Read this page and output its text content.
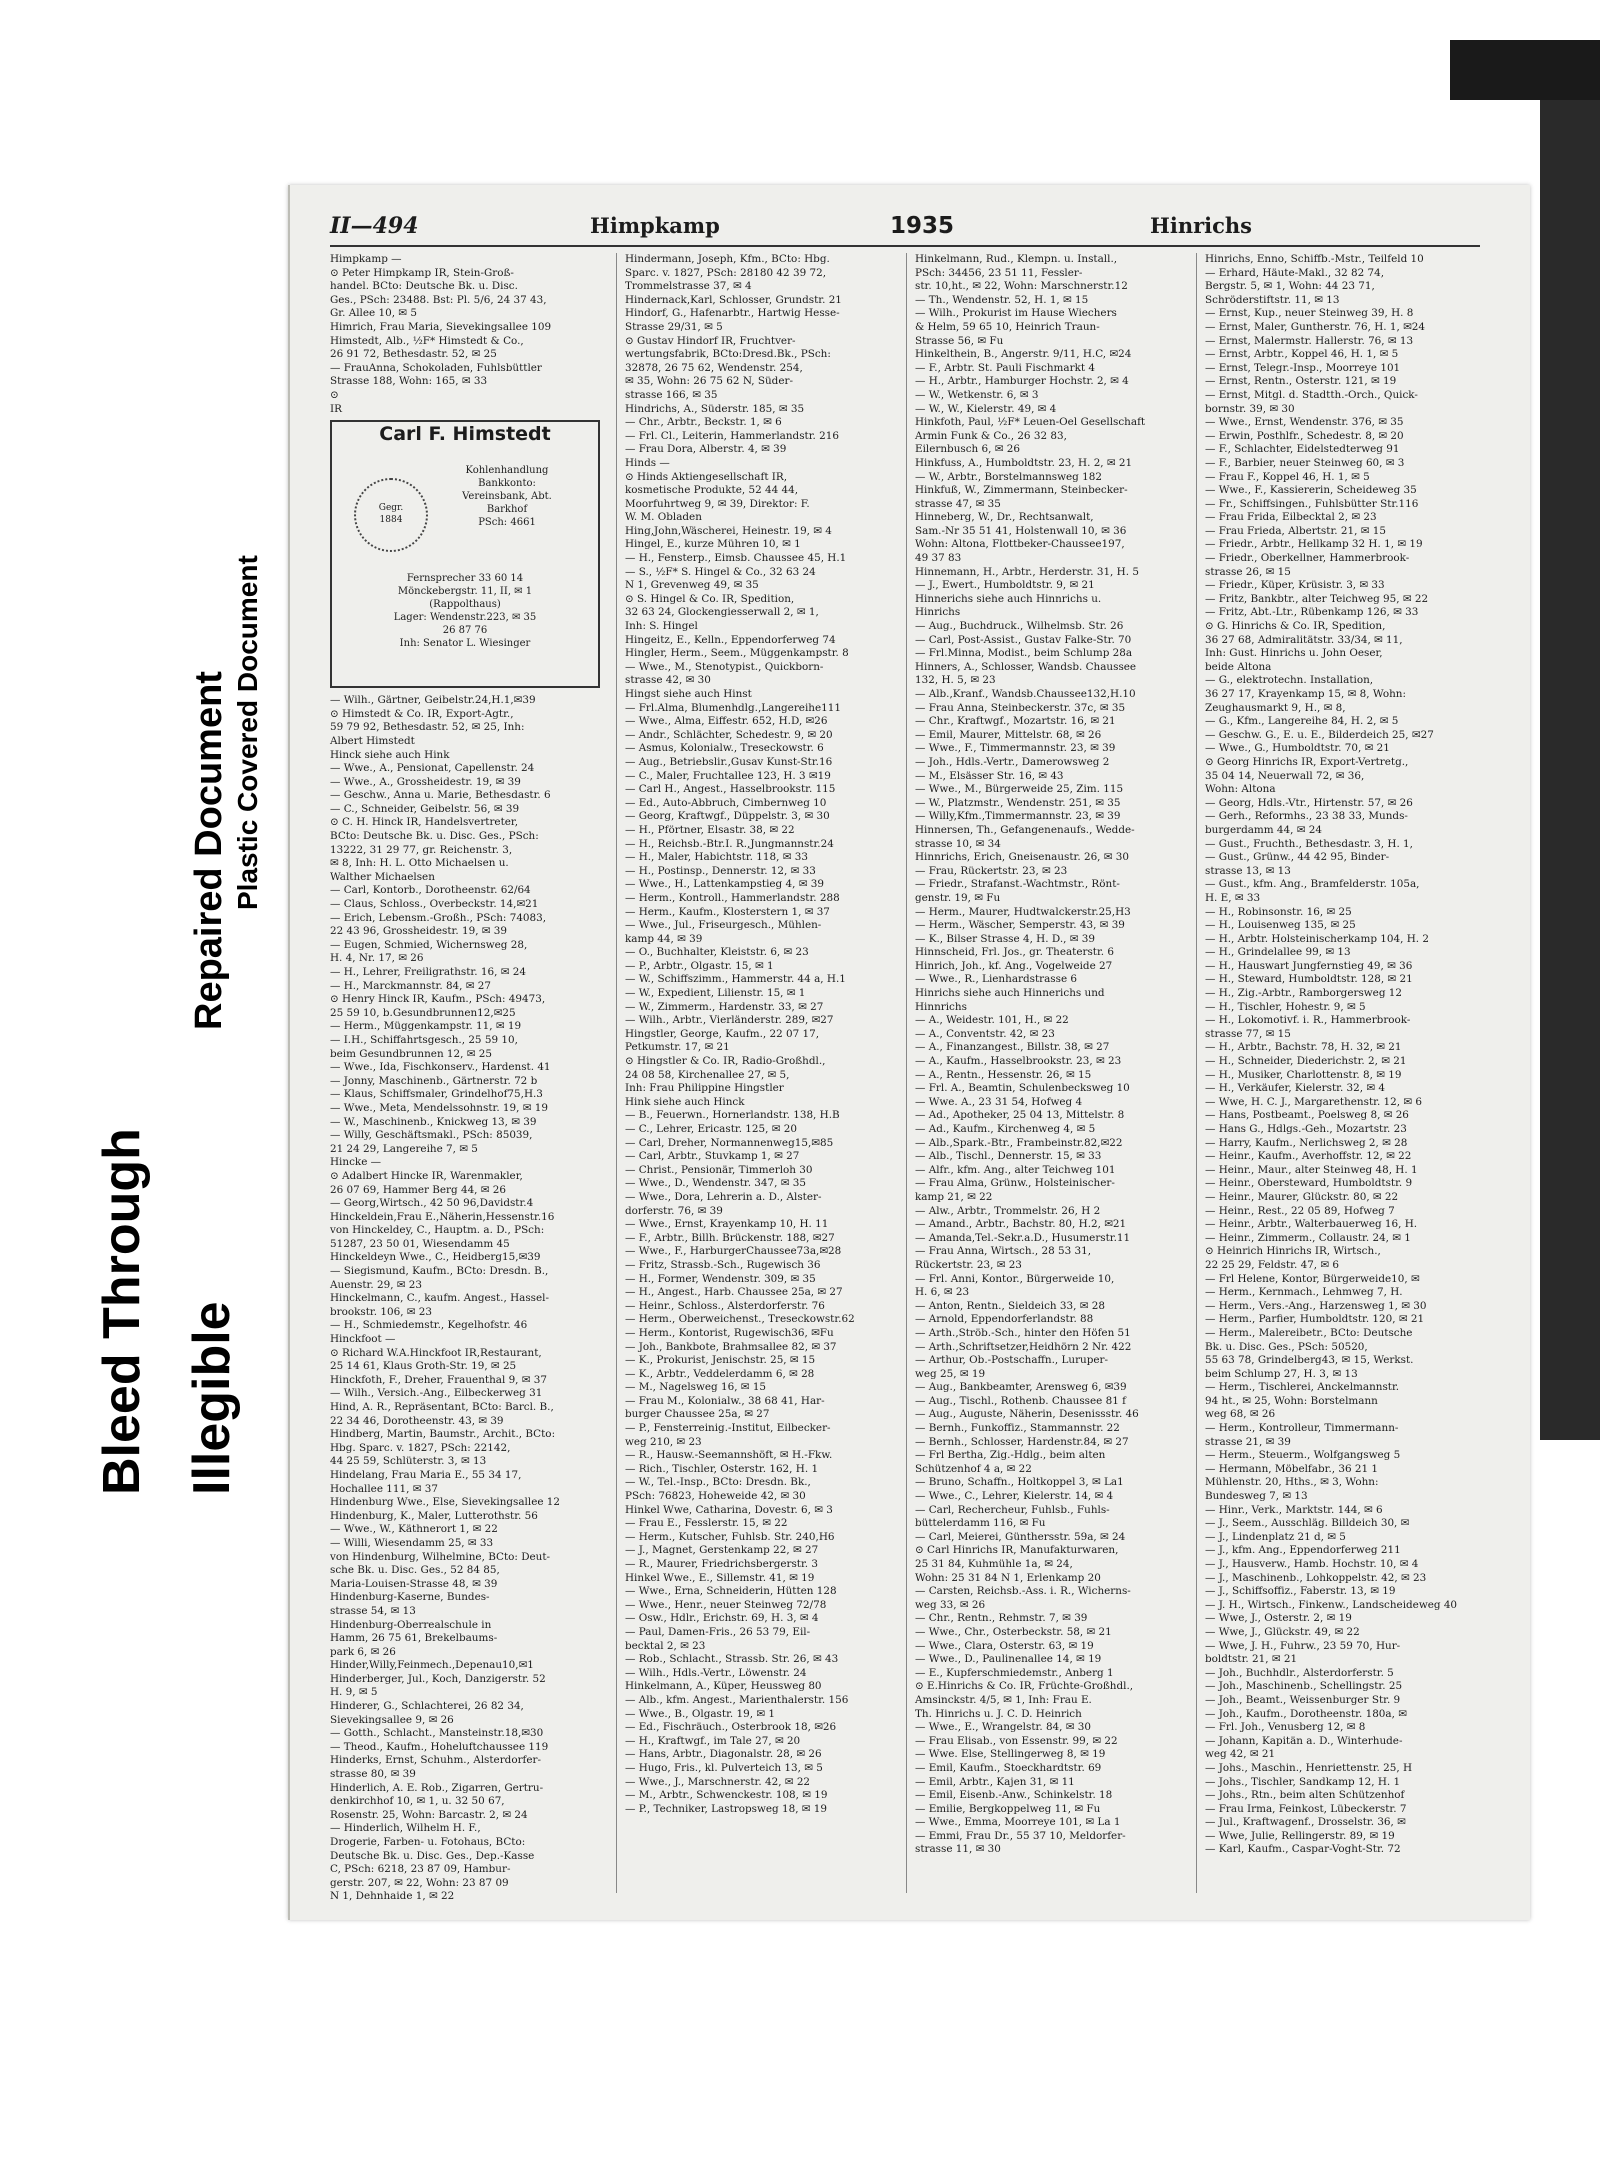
Bleed Through
Repaired Document
Illegible
Plastic Covered Document
II—494	Himpkamp	1935	Hinrichs
Himpkamp —
⊙ Peter Himpkamp IR, Stein-Groß-
handel. BCto: Deutsche Bk. u. Disc.
Ges., PSch: 23488. Bst: Pl. 5/6, 24 37 43,
Gr. Allee 10, ✉ 5
Himrich, Frau Maria, Sievekingsallee 109
Himstedt, Alb., ½F* Himstedt & Co.,
26 91 72, Bethesdastr. 52, ✉ 25
— FrauAnna, Schokoladen, Fuhlsbüttler
Strasse 188, Wohn: 165, ✉ 33
⊙
IR
Carl F. Himstedt
Gegr.
1884
Kohlenhandlung
Bankkonto:
Vereinsbank, Abt.
Barkhof
PSch: 4661
Fernsprecher 33 60 14
Mönckebergstr. 11, II, ✉ 1
(Rappolthaus)
Lager: Wendenstr.223, ✉ 35
26 87 76
Inh: Senator L. Wiesinger
— Wilh., Gärtner, Geibelstr.24,H.1,✉39
⊙ Himstedt & Co. IR, Export-Agtr.,
59 79 92, Bethesdastr. 52, ✉ 25, Inh:
Albert Himstedt
Hinck siehe auch Hink
— Wwe., A., Pensionat, Capellenstr. 24
— Wwe., A., Grossheidestr. 19, ✉ 39
— Geschw., Anna u. Marie, Bethesdastr. 6
— C., Schneider, Geibelstr. 56, ✉ 39
⊙ C. H. Hinck IR, Handelsvertreter,
BCto: Deutsche Bk. u. Disc. Ges., PSch:
13222, 31 29 77, gr. Reichenstr. 3,
✉ 8, Inh: H. L. Otto Michaelsen u.
Walther Michaelsen
— Carl, Kontorb., Dorotheenstr. 62/64
— Claus, Schloss., Overbeckstr. 14,✉21
— Erich, Lebensm.-Großh., PSch: 74083,
22 43 96, Grossheidestr. 19, ✉ 39
— Eugen, Schmied, Wichernsweg 28,
H. 4, Nr. 17, ✉ 26
— H., Lehrer, Freiligrathstr. 16, ✉ 24
— H., Marckmannstr. 84, ✉ 27
⊙ Henry Hinck IR, Kaufm., PSch: 49473,
25 59 10, b.Gesundbrunnen12,✉25
— Herm., Müggenkampstr. 11, ✉ 19
— I.H., Schiffahrtsgesch., 25 59 10,
beim Gesundbrunnen 12, ✉ 25
— Wwe., Ida, Fischkonserv., Hardenst. 41
— Jonny, Maschinenb., Gärtnerstr. 72 b
— Klaus, Schiffsmaler, Grindelhof75,H.3
— Wwe., Meta, Mendelssohnstr. 19, ✉ 19
— W., Maschinenb., Knickweg 13, ✉ 39
— Willy, Geschäftsmakl., PSch: 85039,
21 24 29, Langereihe 7, ✉ 5
Hincke —
⊙ Adalbert Hincke IR, Warenmakler,
26 07 69, Hammer Berg 44, ✉ 26
— Georg,Wirtsch., 42 50 96,Davidstr.4
Hinckeldein,Frau E.,Näherin,Hessenstr.16
von Hinckeldey, C., Hauptm. a. D., PSch:
51287, 23 50 01, Wiesendamm 45
Hinckeldeyn Wwe., C., Heidberg15,✉39
— Siegismund, Kaufm., BCto: Dresdn. B.,
Auenstr. 29, ✉ 23
Hinckelmann, C., kaufm. Angest., Hassel-
brookstr. 106, ✉ 23
— H., Schmiedemstr., Kegelhofstr. 46
Hinckfoot —
⊙ Richard W.A.Hinckfoot IR,Restaurant,
25 14 61, Klaus Groth-Str. 19, ✉ 25
Hinckfoth, F., Dreher, Frauenthal 9, ✉ 37
— Wilh., Versich.-Ang., Eilbeckerweg 31
Hind, A. R., Repräsentant, BCto: Barcl. B.,
22 34 46, Dorotheenstr. 43, ✉ 39
Hindberg, Martin, Baumstr., Archit., BCto:
Hbg. Sparc. v. 1827, PSch: 22142,
44 25 59, Schlüterstr. 3, ✉ 13
Hindelang, Frau Maria E., 55 34 17,
Hochallee 111, ✉ 37
Hindenburg Wwe., Else, Sievekingsallee 12
Hindenburg, K., Maler, Lutterothstr. 56
— Wwe., W., Käthnerort 1, ✉ 22
— Willi, Wiesendamm 25, ✉ 33
von Hindenburg, Wilhelmine, BCto: Deut-
sche Bk. u. Disc. Ges., 52 84 85,
Maria-Louisen-Strasse 48, ✉ 39
Hindenburg-Kaserne, Bundes-
strasse 54, ✉ 13
Hindenburg-Oberrealschule in
Hamm, 26 75 61, Brekelbaums-
park 6, ✉ 26
Hinder,Willy,Feinmech.,Depenau10,✉1
Hinderberger, Jul., Koch, Danzigerstr. 52
H. 9, ✉ 5
Hinderer, G., Schlachterei, 26 82 34,
Sievekingsallee 9, ✉ 26
— Gotth., Schlacht., Mansteinstr.18,✉30
— Theod., Kaufm., Hoheluftchaussee 119
Hinderks, Ernst, Schuhm., Alsterdorfer-
strasse 80, ✉ 39
Hinderlich, A. E. Rob., Zigarren, Gertru-
denkirchhof 10, ✉ 1, u. 32 50 67,
Rosenstr. 25, Wohn: Barcastr. 2, ✉ 24
— Hinderlich, Wilhelm H. F.,
Drogerie, Farben- u. Fotohaus, BCto:
Deutsche Bk. u. Disc. Ges., Dep.-Kasse
C, PSch: 6218, 23 87 09, Hambur-
gerstr. 207, ✉ 22, Wohn: 23 87 09
N 1, Dehnhaide 1, ✉ 22
Hindermann, Joseph, Kfm., BCto: Hbg.
Sparc. v. 1827, PSch: 28180 42 39 72,
Trommelstrasse 37, ✉ 4
Hindernack,Karl, Schlosser, Grundstr. 21
Hindorf, G., Hafenarbtr., Hartwig Hesse-
Strasse 29/31, ✉ 5
⊙ Gustav Hindorf IR, Fruchtver-
wertungsfabrik, BCto:Dresd.Bk., PSch:
32878, 26 75 62, Wendenstr. 254,
✉ 35, Wohn: 26 75 62 N, Süder-
strasse 166, ✉ 35
Hindrichs, A., Süderstr. 185, ✉ 35
— Chr., Arbtr., Beckstr. 1, ✉ 6
— Frl. Cl., Leiterin, Hammerlandstr. 216
— Frau Dora, Alberstr. 4, ✉ 39
Hinds —
⊙ Hinds Aktiengesellschaft IR,
kosmetische Produkte, 52 44 44,
Moorfuhrtweg 9, ✉ 39, Direktor: F.
W. M. Obladen
Hing,John,Wäscherei, Heinestr. 19, ✉ 4
Hingel, E., kurze Mühren 10, ✉ 1
— H., Fensterp., Eimsb. Chaussee 45, H.1
— S., ½F* S. Hingel & Co., 32 63 24
N 1, Grevenweg 49, ✉ 35
⊙ S. Hingel & Co. IR, Spedition,
32 63 24, Glockengiesserwall 2, ✉ 1,
Inh: S. Hingel
Hingeitz, E., Kelln., Eppendorferweg 74
Hingler, Herm., Seem., Müggenkampstr. 8
— Wwe., M., Stenotypist., Quickborn-
strasse 42, ✉ 30
Hingst siehe auch Hinst
— Frl.Alma, Blumenhdlg.,Langereihe111
— Wwe., Alma, Eiffestr. 652, H.D, ✉26
— Andr., Schlächter, Schedestr. 9, ✉ 20
— Asmus, Kolonialw., Treseckowstr. 6
— Aug., Betriebslir.,Gusav Kunst-Str.16
— C., Maler, Fruchtallee 123, H. 3 ✉19
— Carl H., Angest., Hasselbrookstr. 115
— Ed., Auto-Abbruch, Cimbernweg 10
— Georg, Kraftwgf., Düppelstr. 3, ✉ 30
— H., Pförtner, Elsastr. 38, ✉ 22
— H., Reichsb.-Btr.I. R.,Jungmannstr.24
— H., Maler, Habichtstr. 118, ✉ 33
— H., Postinsp., Dennerstr. 12, ✉ 33
— Wwe., H., Lattenkampstieg 4, ✉ 39
— Herm., Kontroll., Hammerlandstr. 288
— Herm., Kaufm., Klosterstern 1, ✉ 37
— Wwe., Jul., Friseurgesch., Mühlen-
kamp 44, ✉ 39
— O., Buchhalter, Kleiststr. 6, ✉ 23
— P., Arbtr., Olgastr. 15, ✉ 1
— W., Schiffszimm., Hammerstr. 44 a, H.1
— W., Expedient, Lilienstr. 15, ✉ 1
— W., Zimmerm., Hardenstr. 33, ✉ 27
— Wilh., Arbtr., Vierländerstr. 289, ✉27
Hingstler, George, Kaufm., 22 07 17,
Petkumstr. 17, ✉ 21
⊙ Hingstler & Co. IR, Radio-Großhdl.,
24 08 58, Kirchenallee 27, ✉ 5,
Inh: Frau Philippine Hingstler
Hink siehe auch Hinck
— B., Feuerwn., Hornerlandstr. 138, H.B
— C., Lehrer, Ericastr. 125, ✉ 20
— Carl, Dreher, Normannenweg15,✉85
— Carl, Arbtr., Stuvkamp 1, ✉ 27
— Christ., Pensionär, Timmerloh 30
— Wwe., D., Wendenstr. 347, ✉ 35
— Wwe., Dora, Lehrerin a. D., Alster-
dorferstr. 76, ✉ 39
— Wwe., Ernst, Krayenkamp 10, H. 11
— F., Arbtr., Billh. Brückenstr. 188, ✉27
— Wwe., F., HarburgerChaussee73a,✉28
— Fritz, Strassb.-Sch., Rugewisch 36
— H., Former, Wendenstr. 309, ✉ 35
— H., Angest., Harb. Chaussee 25a, ✉ 27
— Heinr., Schloss., Alsterdorferstr. 76
— Herm., Oberweichenst., Treseckowstr.62
— Herm., Kontorist, Rugewisch36, ✉Fu
— Joh., Bankbote, Brahmsallee 82, ✉ 37
— K., Prokurist, Jenischstr. 25, ✉ 15
— K., Arbtr., Veddelerdamm 6, ✉ 28
— M., Nagelsweg 16, ✉ 15
— Frau M., Kolonialw., 38 68 41, Har-
burger Chaussee 25a, ✉ 27
— P., Fensterreinig.-Institut, Eilbecker-
weg 210, ✉ 23
— R., Hausw.-Seemannshöft, ✉ H.-Fkw.
— Rich., Tischler, Osterstr. 162, H. 1
— W., Tel.-Insp., BCto: Dresdn. Bk.,
PSch: 76823, Hoheweide 42, ✉ 30
Hinkel Wwe, Catharina, Dovestr. 6, ✉ 3
— Frau E., Fesslerstr. 15, ✉ 22
— Herm., Kutscher, Fuhlsb. Str. 240,H6
— J., Magnet, Gerstenkamp 22, ✉ 27
— R., Maurer, Friedrichsbergerstr. 3
Hinkel Wwe., E., Sillemstr. 41, ✉ 19
— Wwe., Erna, Schneiderin, Hütten 128
— Wwe., Henr., neuer Steinweg 72/78
— Osw., Hdlr., Erichstr. 69, H. 3, ✉ 4
— Paul, Damen-Fris., 26 53 79, Eil-
becktal 2, ✉ 23
— Rob., Schlacht., Strassb. Str. 26, ✉ 43
— Wilh., Hdls.-Vertr., Löwenstr. 24
Hinkelmann, A., Küper, Heussweg 80
— Alb., kfm. Angest., Marienthalerstr. 156
— Wwe., B., Olgastr. 19, ✉ 1
— Ed., Fischräuch., Osterbrook 18, ✉26
— H., Kraftwgf., im Tale 27, ✉ 20
— Hans, Arbtr., Diagonalstr. 28, ✉ 26
— Hugo, Fris., kl. Pulverteich 13, ✉ 5
— Wwe., J., Marschnerstr. 42, ✉ 22
— M., Arbtr., Schwenckestr. 108, ✉ 19
— P., Techniker, Lastropsweg 18, ✉ 19
Hinkelmann, Rud., Klempn. u. Install.,
PSch: 34456, 23 51 11, Fessler-
str. 10,ht., ✉ 22, Wohn: Marschnerstr.12
— Th., Wendenstr. 52, H. 1, ✉ 15
— Wilh., Prokurist im Hause Wiechers
& Helm, 59 65 10, Heinrich Traun-
Strasse 56, ✉ Fu
Hinkelthein, B., Angerstr. 9/11, H.C, ✉24
— F., Arbtr. St. Pauli Fischmarkt 4
— H., Arbtr., Hamburger Hochstr. 2, ✉ 4
— W., Wetkenstr. 6, ✉ 3
— W., W., Kielerstr. 49, ✉ 4
Hinkfoth, Paul, ½F* Leuen-Oel Gesellschaft
Armin Funk & Co., 26 32 83,
Eilernbusch 6, ✉ 26
Hinkfuss, A., Humboldtstr. 23, H. 2, ✉ 21
— W., Arbtr., Borstelmannsweg 182
Hinkfuß, W., Zimmermann, Steinbecker-
strasse 47, ✉ 35
Hinneberg, W., Dr., Rechtsanwalt,
Sam.-Nr 35 51 41, Holstenwall 10, ✉ 36
Wohn: Altona, Flottbeker-Chaussee197,
49 37 83
Hinnemann, H., Arbtr., Herderstr. 31, H. 5
— J., Ewert., Humboldtstr. 9, ✉ 21
Hinnerichs siehe auch Hinnrichs u.
Hinrichs
— Aug., Buchdruck., Wilhelmsb. Str. 26
— Carl, Post-Assist., Gustav Falke-Str. 70
— Frl.Minna, Modist., beim Schlump 28a
Hinners, A., Schlosser, Wandsb. Chaussee
132, H. 5, ✉ 23
— Alb.,Kranf., Wandsb.Chaussee132,H.10
— Frau Anna, Steinbeckerstr. 37c, ✉ 35
— Chr., Kraftwgf., Mozartstr. 16, ✉ 21
— Emil, Maurer, Mittelstr. 68, ✉ 26
— Wwe., F., Timmermannstr. 23, ✉ 39
— Joh., Hdls.-Vertr., Damerowsweg 2
— M., Elsässer Str. 16, ✉ 43
— Wwe., M., Bürgerweide 25, Zim. 115
— W., Platzmstr., Wendenstr. 251, ✉ 35
— Willy,Kfm.,Timmermannstr. 23, ✉ 39
Hinnersen, Th., Gefangenenaufs., Wedde-
strasse 10, ✉ 34
Hinnrichs, Erich, Gneisenaustr. 26, ✉ 30
— Frau, Rückertstr. 23, ✉ 23
— Friedr., Strafanst.-Wachtmstr., Rönt-
genstr. 19, ✉ Fu
— Herm., Maurer, Hudtwalckerstr.25,H3
— Herm., Wäscher, Semperstr. 43, ✉ 39
— K., Bilser Strasse 4, H. D., ✉ 39
Hinnscheid, Frl. Jos., gr. Theaterstr. 6
Hinrich, Joh., kf. Ang., Vogelweide 27
— Wwe., R., Lienhardstrasse 6
Hinrichs siehe auch Hinnerichs und
Hinnrichs
— A., Weidestr. 101, H., ✉ 22
— A., Conventstr. 42, ✉ 23
— A., Finanzangest., Billstr. 38, ✉ 27
— A., Kaufm., Hasselbrookstr. 23, ✉ 23
— A., Rentn., Hessenstr. 26, ✉ 15
— Frl. A., Beamtin, Schulenbecksweg 10
— Wwe. A., 23 31 54, Hofweg 4
— Ad., Apotheker, 25 04 13, Mittelstr. 8
— Ad., Kaufm., Kirchenweg 4, ✉ 5
— Alb.,Spark.-Btr., Frambeinstr.82,✉22
— Alb., Tischl., Dennerstr. 15, ✉ 33
— Alfr., kfm. Ang., alter Teichweg 101
— Frau Alma, Grünw., Holsteinischer-
kamp 21, ✉ 22
— Alw., Arbtr., Trommelstr. 26, H 2
— Amand., Arbtr., Bachstr. 80, H.2, ✉21
— Amanda,Tel.-Sekr.a.D., Husumerstr.11
— Frau Anna, Wirtsch., 28 53 31,
Rückertstr. 23, ✉ 23
— Frl. Anni, Kontor., Bürgerweide 10,
H. 6, ✉ 23
— Anton, Rentn., Sieldeich 33, ✉ 28
— Arnold, Eppendorferlandstr. 88
— Arth.,Ströb.-Sch., hinter den Höfen 51
— Arth.,Schriftsetzer,Heidhörn 2 Nr. 422
— Arthur, Ob.-Postschaffn., Luruper-
weg 25, ✉ 19
— Aug., Bankbeamter, Arensweg 6, ✉39
— Aug., Tischl., Rothenb. Chaussee 81 f
— Aug., Auguste, Näherin, Desenissstr. 46
— Bernh., Funkoffiz., Stammannstr. 22
— Bernh., Schlosser, Hardenstr.84, ✉ 27
— Frl Bertha, Zig.-Hdlg., beim alten
Schützenhof 4 a, ✉ 22
— Bruno, Schaffn., Holtkoppel 3, ✉ La1
— Wwe., C., Lehrer, Kielerstr. 14, ✉ 4
— Carl, Rechercheur, Fuhlsb., Fuhls-
büttelerdamm 116, ✉ Fu
— Carl, Meierei, Günthersstr. 59a, ✉ 24
⊙ Carl Hinrichs IR, Manufakturwaren,
25 31 84, Kuhmühle 1a, ✉ 24,
Wohn: 25 31 84 N 1, Erlenkamp 20
— Carsten, Reichsb.-Ass. i. R., Wicherns-
weg 33, ✉ 26
— Chr., Rentn., Rehmstr. 7, ✉ 39
— Wwe., Chr., Osterbeckstr. 58, ✉ 21
— Wwe., Clara, Osterstr. 63, ✉ 19
— Wwe., D., Paulinenallee 14, ✉ 19
— E., Kupferschmiedemstr., Anberg 1
⊙ E.Hinrichs & Co. IR, Früchte-Großhdl.,
Amsinckstr. 4/5, ✉ 1, Inh: Frau E.
Th. Hinrichs u. J. C. D. Heinrich
— Wwe., E., Wrangelstr. 84, ✉ 30
— Frau Elisab., von Essenstr. 99, ✉ 22
— Wwe. Else, Stellingerweg 8, ✉ 19
— Emil, Kaufm., Stoeckhardtstr. 69
— Emil, Arbtr., Kajen 31, ✉ 11
— Emil, Eisenb.-Anw., Schinkelstr. 18
— Emilie, Bergkoppelweg 11, ✉ Fu
— Wwe., Emma, Moorreye 101, ✉ La 1
— Emmi, Frau Dr., 55 37 10, Meldorfer-
strasse 11, ✉ 30
Hinrichs, Enno, Schiffb.-Mstr., Teilfeld 10
— Erhard, Häute-Makl., 32 82 74,
Bergstr. 5, ✉ 1, Wohn: 44 23 71,
Schröderstiftstr. 11, ✉ 13
— Ernst, Kup., neuer Steinweg 39, H. 8
— Ernst, Maler, Guntherstr. 76, H. 1, ✉24
— Ernst, Malermstr. Hallerstr. 76, ✉ 13
— Ernst, Arbtr., Koppel 46, H. 1, ✉ 5
— Ernst, Telegr.-Insp., Moorreye 101
— Ernst, Rentn., Osterstr. 121, ✉ 19
— Ernst, Mitgl. d. Stadtth.-Orch., Quick-
bornstr. 39, ✉ 30
— Wwe., Ernst, Wendenstr. 376, ✉ 35
— Erwin, Posthlfr., Schedestr. 8, ✉ 20
— F., Schlachter, Eidelstedterweg 91
— F., Barbier, neuer Steinweg 60, ✉ 3
— Frau F., Koppel 46, H. 1, ✉ 5
— Wwe., F., Kassiererin, Scheideweg 35
— Fr., Schiffsingen., Fuhlsbütter Str.116
— Frau Frida, Eilbecktal 2, ✉ 23
— Frau Frieda, Albertstr. 21, ✉ 15
— Friedr., Arbtr., Hellkamp 32 H. 1, ✉ 19
— Friedr., Oberkellner, Hammerbrook-
strasse 26, ✉ 15
— Friedr., Küper, Krüsistr. 3, ✉ 33
— Fritz, Bankbtr., alter Teichweg 95, ✉ 22
— Fritz, Abt.-Ltr., Rübenkamp 126, ✉ 33
⊙ G. Hinrichs & Co. IR, Spedition,
36 27 68, Admiralitätstr. 33/34, ✉ 11,
Inh: Gust. Hinrichs u. John Oeser,
beide Altona
— G., elektrotechn. Installation,
36 27 17, Krayenkamp 15, ✉ 8, Wohn:
Zeughausmarkt 9, H., ✉ 8,
— G., Kfm., Langereihe 84, H. 2, ✉ 5
— Geschw. G., E. u. E., Bilderdeich 25, ✉27
— Wwe., G., Humboldtstr. 70, ✉ 21
⊙ Georg Hinrichs IR, Export-Vertretg.,
35 04 14, Neuerwall 72, ✉ 36,
Wohn: Altona
— Georg, Hdls.-Vtr., Hirtenstr. 57, ✉ 26
— Gerh., Reformhs., 23 38 33, Munds-
burgerdamm 44, ✉ 24
— Gust., Fruchth., Bethesdastr. 3, H. 1,
— Gust., Grünw., 44 42 95, Binder-
strasse 13, ✉ 13
— Gust., kfm. Ang., Bramfelderstr. 105a,
H. E, ✉ 33
— H., Robinsonstr. 16, ✉ 25
— H., Louisenweg 135, ✉ 25
— H., Arbtr. Holsteinischerkamp 104, H. 2
— H., Grindelallee 99, ✉ 13
— H., Hauswart Jungfernstieg 49, ✉ 36
— H., Steward, Humboldtstr. 128, ✉ 21
— H., Zig.-Arbtr., Ramborgersweg 12
— H., Tischler, Hohestr. 9, ✉ 5
— H., Lokomotivf. i. R., Hammerbrook-
strasse 77, ✉ 15
— H., Arbtr., Bachstr. 78, H. 32, ✉ 21
— H., Schneider, Diederichstr. 2, ✉ 21
— H., Musiker, Charlottenstr. 8, ✉ 19
— H., Verkäufer, Kielerstr. 32, ✉ 4
— Wwe, H. C. J., Margarethenstr. 12, ✉ 6
— Hans, Postbeamt., Poelsweg 8, ✉ 26
— Hans G., Hdlgs.-Geh., Mozartstr. 23
— Harry, Kaufm., Nerlichsweg 2, ✉ 28
— Heinr., Kaufm., Averhoffstr. 12, ✉ 22
— Heinr., Maur., alter Steinweg 48, H. 1
— Heinr., Obersteward, Humboldtstr. 9
— Heinr., Maurer, Glückstr. 80, ✉ 22
— Heinr., Rest., 22 05 89, Hofweg 7
— Heinr., Arbtr., Walterbauerweg 16, H.
— Heinr., Zimmerm., Collaustr. 24, ✉ 1
⊙ Heinrich Hinrichs IR, Wirtsch.,
22 25 29, Feldstr. 47, ✉ 6
— Frl Helene, Kontor, Bürgerweide10, ✉
— Herm., Kernmach., Lehmweg 7, H.
— Herm., Vers.-Ang., Harzensweg 1, ✉ 30
— Herm., Parfier, Humboldtstr. 120, ✉ 21
— Herm., Malereibetr., BCto: Deutsche
Bk. u. Disc. Ges., PSch: 50520,
55 63 78, Grindelberg43, ✉ 15, Werkst.
beim Schlump 27, H. 3, ✉ 13
— Herm., Tischlerei, Anckelmannstr.
94 ht., ✉ 25, Wohn: Borstelmann
weg 68, ✉ 26
— Herm., Kontrolleur, Timmermann-
strasse 21, ✉ 39
— Herm., Steuerm., Wolfgangsweg 5
— Hermann, Möbelfabr., 36 21 1
Mühlenstr. 20, Hths., ✉ 3, Wohn:
Bundesweg 7, ✉ 13
— Hinr., Verk., Marktstr. 144, ✉ 6
— J., Seem., Ausschläg. Billdeich 30, ✉
— J., Lindenplatz 21 d, ✉ 5
— J., kfm. Ang., Eppendorferweg 211
— J., Hausverw., Hamb. Hochstr. 10, ✉ 4
— J., Maschinenb., Lohkoppelstr. 42, ✉ 23
— J., Schiffsoffiz., Faberstr. 13, ✉ 19
— J. H., Wirtsch., Finkenw., Landscheideweg 40
— Wwe, J., Osterstr. 2, ✉ 19
— Wwe, J., Glückstr. 49, ✉ 22
— Wwe, J. H., Fuhrw., 23 59 70, Hur-
boldtstr. 21, ✉ 21
— Joh., Buchhdlr., Alsterdorferstr. 5
— Joh., Maschinenb., Schellingstr. 25
— Joh., Beamt., Weissenburger Str. 9
— Joh., Kaufm., Dorotheenstr. 180a, ✉
— Frl. Joh., Venusberg 12, ✉ 8
— Johann, Kapitän a. D., Winterhude-
weg 42, ✉ 21
— Johs., Maschin., Henriettenstr. 25, H
— Johs., Tischler, Sandkamp 12, H. 1
— Johs., Rtn., beim alten Schützenhof
— Frau Irma, Feinkost, Lübeckerstr. 7
— Jul., Kraftwagenf., Drosselstr. 36, ✉
— Wwe, Julie, Rellingerstr. 89, ✉ 19
— Karl, Kaufm., Caspar-Voght-Str. 72
